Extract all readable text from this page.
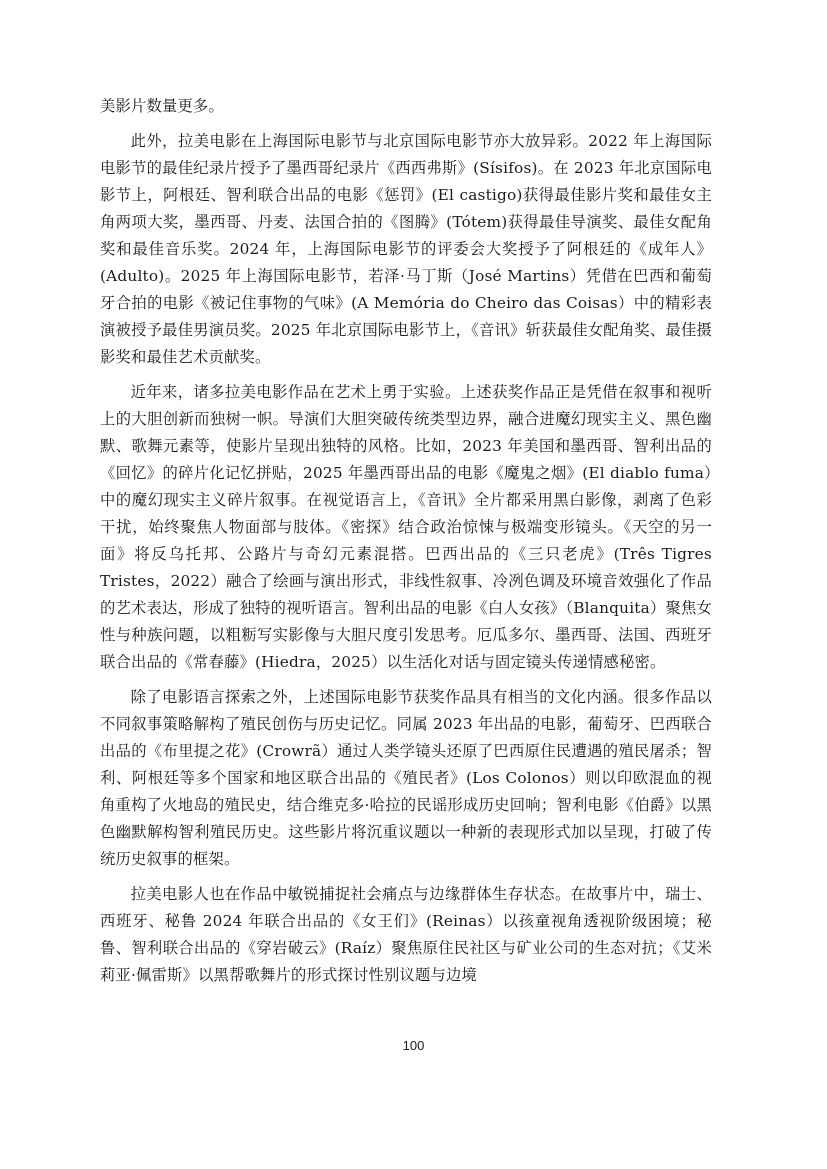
美影片数量更多。

此外，拉美电影在上海国际电影节与北京国际电影节亦大放异彩。2022 年上海国际电影节的最佳纪录片授予了墨西哥纪录片《西西弗斯》(Sísifos)。在 2023 年北京国际电影节上，阿根廷、智利联合出品的电影《惩罚》(El castigo)获得最佳影片奖和最佳女主角两项大奖，墨西哥、丹麦、法国合拍的《图腾》(Tótem)获得最佳导演奖、最佳女配角奖和最佳音乐奖。2024 年，上海国际电影节的评委会大奖授予了阿根廷的《成年人》(Adulto)。2025 年上海国际电影节，若泽·马丁斯（José Martins）凭借在巴西和葡萄牙合拍的电影《被记住事物的气味》(A Memória do Cheiro das Coisas）中的精彩表演被授予最佳男演员奖。2025 年北京国际电影节上，《音讯》斩获最佳女配角奖、最佳摄影奖和最佳艺术贡献奖。

近年来，诸多拉美电影作品在艺术上勇于实验。上述获奖作品正是凭借在叙事和视听上的大胆创新而独树一帜。导演们大胆突破传统类型边界，融合进魔幻现实主义、黑色幽默、歌舞元素等，使影片呈现出独特的风格。比如，2023 年美国和墨西哥、智利出品的《回忆》的碎片化记忆拼贴，2025 年墨西哥出品的电影《魔鬼之烟》(El diablo fuma）中的魔幻现实主义碎片叙事。在视觉语言上，《音讯》全片都采用黑白影像，剥离了色彩干扰，始终聚焦人物面部与肢体。《密探》结合政治惊悚与极端变形镜头。《天空的另一面》将反乌托邦、公路片与奇幻元素混搭。巴西出品的《三只老虎》(Três Tigres Tristes，2022）融合了绘画与演出形式，非线性叙事、冷冽色调及环境音效强化了作品的艺术表达，形成了独特的视听语言。智利出品的电影《白人女孩》（Blanquita）聚焦女性与种族问题，以粗粝写实影像与大胆尺度引发思考。厄瓜多尔、墨西哥、法国、西班牙联合出品的《常春藤》(Hiedra，2025）以生活化对话与固定镜头传递情感秘密。

除了电影语言探索之外，上述国际电影节获奖作品具有相当的文化内涵。很多作品以不同叙事策略解构了殖民创伤与历史记忆。同属 2023 年出品的电影，葡萄牙、巴西联合出品的《布里提之花》(Crowrã）通过人类学镜头还原了巴西原住民遭遇的殖民屠杀；智利、阿根廷等多个国家和地区联合出品的《殖民者》(Los Colonos）则以印欧混血的视角重构了火地岛的殖民史，结合维克多·哈拉的民谣形成历史回响；智利电影《伯爵》以黑色幽默解构智利殖民历史。这些影片将沉重议题以一种新的表现形式加以呈现，打破了传统历史叙事的框架。

拉美电影人也在作品中敏锐捕捉社会痛点与边缘群体生存状态。在故事片中，瑞士、西班牙、秘鲁 2024 年联合出品的《女王们》(Reinas）以孩童视角透视阶级困境；秘鲁、智利联合出品的《穿岩破云》(Raíz）聚焦原住民社区与矿业公司的生态对抗；《艾米莉亚·佩雷斯》以黑帮歌舞片的形式探讨性别议题与边境

100
